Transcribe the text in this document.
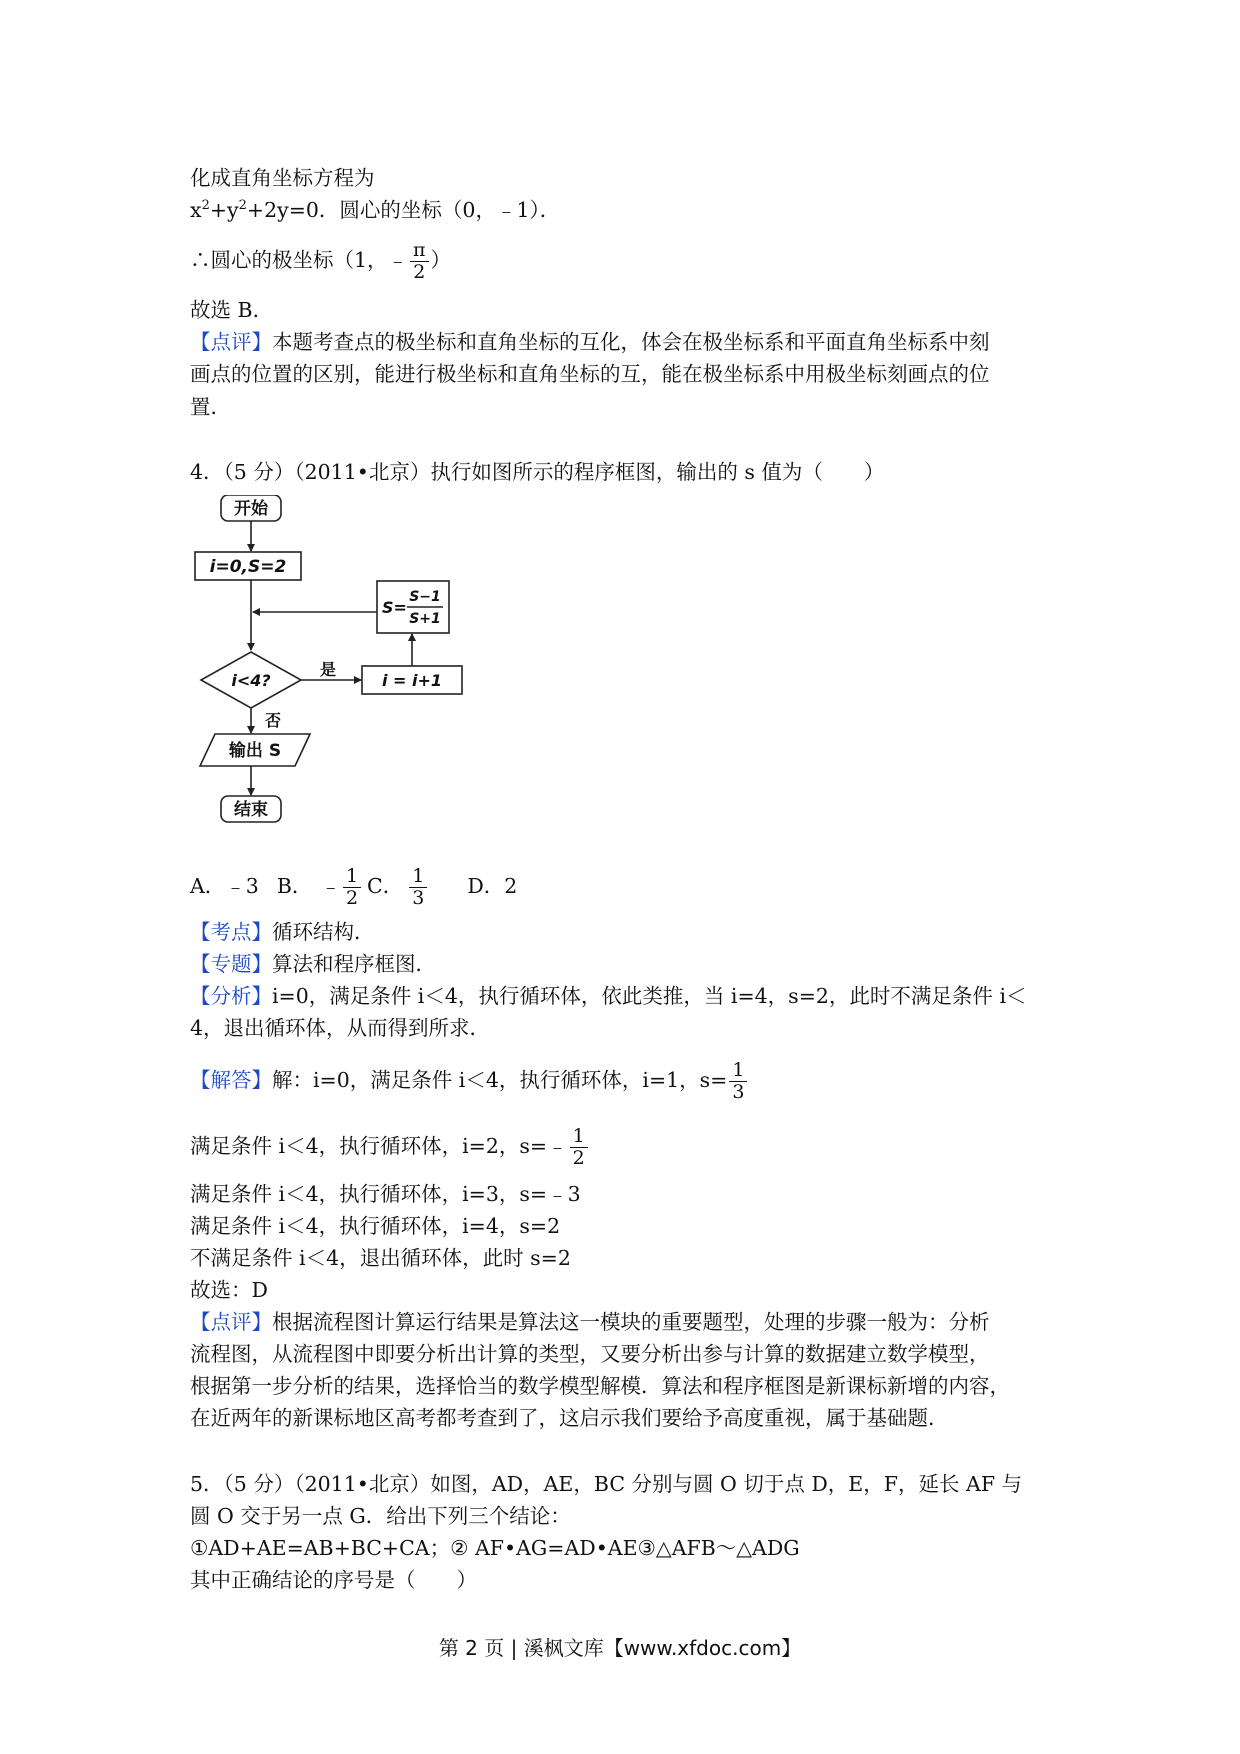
化成直角坐标方程为
$x^2+y^2+2y=0$．圆心的坐标（0，﹣1）．
∴圆心的极坐标（1，﹣ $\frac{\pi}{2}$ ）
故选 B．
【点评】本题考查点的极坐标和直角坐标的互化，体会在极坐标系和平面直角坐标系中刻
画点的位置的区别，能进行极坐标和直角坐标的互，能在极坐标系中用极坐标刻画点的位
置．
4．（5 分）（2011•北京）执行如图所示的程序框图，输出的 s 值为（　　）
开始
i=0,S=2
S=
S−1
S+1
i<4?
是
i = i+1
否
输出 S
结束
A．﹣3 B． ﹣ $\frac{1}{2}$ C． $\frac{1}{3}$ D．2
【考点】循环结构．
【专题】算法和程序框图．
【分析】i=0，满足条件 i＜4，执行循环体，依此类推，当 i=4，s=2，此时不满足条件 i＜
4，退出循环体，从而得到所求．
【解答】解：i=0，满足条件 i＜4，执行循环体，i=1，$s= \frac{1}{3}$
满足条件 i＜4，执行循环体，i=2，s=﹣ $\frac{1}{2}$
满足条件 i＜4，执行循环体，i=3，s=﹣3
满足条件 i＜4，执行循环体，i=4，s=2
不满足条件 i＜4，退出循环体，此时 s=2
故选：D
【点评】根据流程图计算运行结果是算法这一模块的重要题型，处理的步骤一般为：分析
流程图，从流程图中即要分析出计算的类型，又要分析出参与计算的数据建立数学模型，
根据第一步分析的结果，选择恰当的数学模型解模．算法和程序框图是新课标新增的内容，
在近两年的新课标地区高考都考查到了，这启示我们要给予高度重视，属于基础题．
5．（5 分）（2011•北京）如图，AD，AE，BC 分别与圆 O 切于点 D，E，F，延长 AF 与
圆 O 交于另一点 G．给出下列三个结论：
①AD+AE=AB+BC+CA；② AF•AG=AD•AE③△AFB～△ADG
其中正确结论的序号是（　　）
第 2 页 | 溪枫文库【www.xfdoc.com】
